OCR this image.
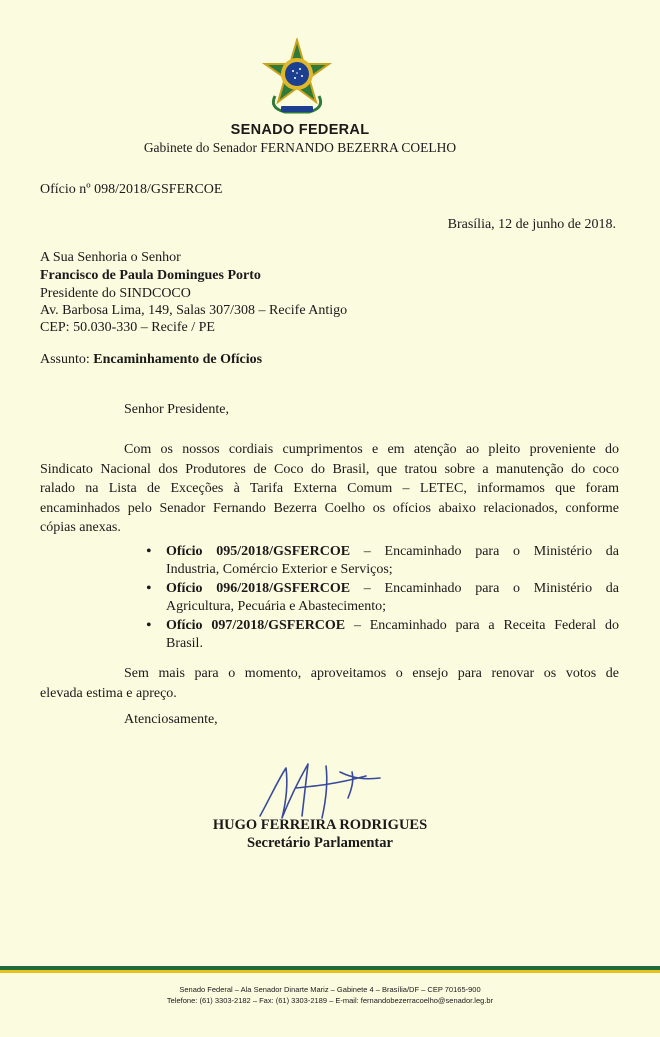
SENADO FEDERAL
Gabinete do Senador FERNANDO BEZERRA COELHO
Ofício nº 098/2018/GSFERCOE
Brasília, 12 de junho de 2018.
A Sua Senhoria o Senhor
Francisco de Paula Domingues Porto
Presidente do SINDCOCO
Av. Barbosa Lima, 149, Salas 307/308 – Recife Antigo
CEP: 50.030-330 – Recife / PE
Assunto: Encaminhamento de Ofícios
Senhor Presidente,
Com os nossos cordiais cumprimentos e em atenção ao pleito proveniente do
Sindicato Nacional dos Produtores de Coco do Brasil, que tratou sobre a manutenção do coco
ralado na Lista de Exceções à Tarifa Externa Comum – LETEC, informamos que foram
encaminhados pelo Senador Fernando Bezerra Coelho os ofícios abaixo relacionados, conforme
cópias anexas.
• Ofício 095/2018/GSFERCOE – Encaminhado para o Ministério da
Industria, Comércio Exterior e Serviços;
• Ofício 096/2018/GSFERCOE – Encaminhado para o Ministério da
Agricultura, Pecuária e Abastecimento;
• Ofício 097/2018/GSFERCOE – Encaminhado para a Receita Federal do
Brasil.
Sem mais para o momento, aproveitamos o ensejo para renovar os votos de
elevada estima e apreço.
Atenciosamente,
HUGO FERREIRA RODRIGUES
Secretário Parlamentar
Senado Federal – Ala Senador Dinarte Mariz – Gabinete 4 – Brasília/DF – CEP 70165-900
Telefone: (61) 3303-2182 – Fax: (61) 3303-2189 – E-mail: fernandobezerracoelho@senador.leg.br
